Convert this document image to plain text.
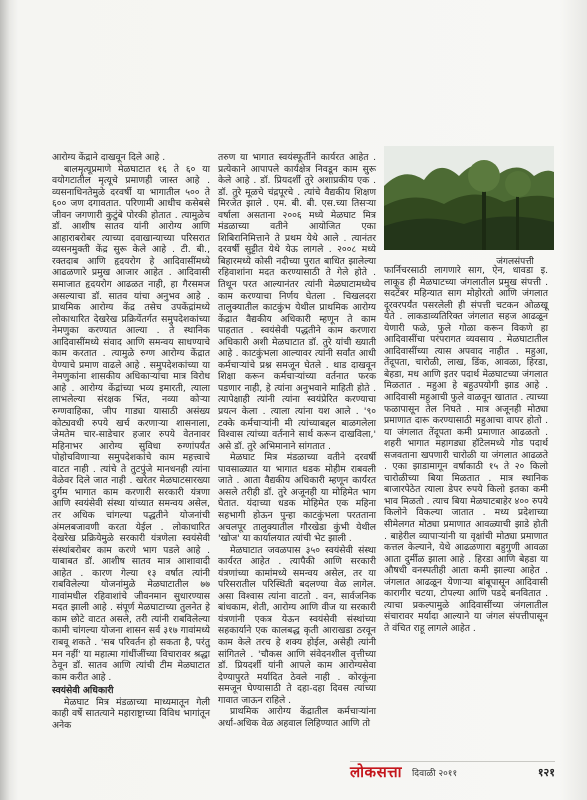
आरोग्य केंद्राने दाखवून दिले आहे .

बालमृत्यूप्रमाणे मेळघाटात १६ ते ६० या वयोगटातील मृत्यूचे प्रमाणही जास्त आहे . व्यसनाधिनतेमुळे दरवर्षी या भागातील ५०० ते ६०० जण दगावतात. परिणामी आधीच कसेबसे जीवन जगणारी कुटुंबे पोरकी होतात . त्यामुळेच डॉ. आशीष सातव यांनी आरोग्य आणि आहाराबरोबर त्याच्या दवाखान्याच्या परिसरात व्यसनमुक्ती केंद्र सुरू केले आहे . टी. बी., रक्तदाब आणि हृदयरोग हे आदिवासींमध्ये आढळणारे प्रमुख आजार आहेत . आदिवासी समाजात हृदयरोग आढळत नाही, हा गैरसमज असल्याचा डॉ. सातव यांचा अनुभव आहे . प्राथमिक आरोग्य केंद्र तसेच उपकेंद्रांमध्ये लोकाधारित देखरेख प्रक्रियेंतर्गत समुपदेशकांच्या नेमणुका करण्यात आल्या . ते स्थानिक आदिवासींमध्ये संवाद आणि समन्वय साधण्याचे काम करतात . त्यामुळे रुग्ण आरोग्य केंद्रात येण्याचे प्रमाण वाढले आहे . समुपदेशकांच्या या नेमणुकांना शासकीय अधिकाऱ्यांचा मात्र विरोध आहे . आरोग्य केंद्रांच्या भव्य इमारती, त्याला लाभलेल्या संरक्षक भिंत, नव्या कोऱ्या रुग्णवाहिका, जीप गाड्या यासाठी असंख्य कोट्यवधी रुपये खर्च करणाऱ्या शासनाला, जेमतेम चार-साडेचार हजार रुपये वेतनावर महिनाभर आरोग्य सुविधा रुग्णांपर्यंत पोहोचविणाऱ्या समुपदेशकांचे काम महत्त्वाचे वाटत नाही . त्यांचे ते तुटपुंजे मानधनही त्यांना वेळेवर दिले जात नाही . खरेतर मेळघाटसारख्या दुर्गम भागात काम करणारी सरकारी यंत्रणा आणि स्वयंसेवी संस्था यांच्यात समन्वय असेल, तर अधिक चांगल्या पद्धतीने योजनांची अंमलबजावणी करता येईल . लोकाधारित देखरेख प्रक्रियेमुळे सरकारी यंत्रणेला स्वयंसेवी संस्थांबरोबर काम करणे भाग पडले आहे . याबाबत डॉ. आशीष सातव मात्र आशावादी आहेत . कारण गेल्या १३ वर्षात त्यांनी राबविलेल्या योजनांमुळे मेळघाटातील ७७ गावांमधील रहिवाशांचे जीवनमान सुधारण्यास मदत झाली आहे . संपूर्ण मेळघाटाच्या तुलनेत हे काम छोटे वाटत असले, तरी त्यांनी राबविलेल्या कामी चांगल्या योजना शासन सर्व ३१७ गावांमध्ये राबवू शकते . 'सब परिवर्तन हो सकता है, परंतु मन नहीं' या महात्मा गांधींजींच्या विचारावर श्रद्धा ठेवून डॉ. सातव आणि त्यांची टीम मेळघाटात काम करीत आहे .

स्वयंसेवी अधिकारी

मेळघाट मित्र मंडळाच्या माध्यमातून गेली काही वर्षे सातत्याने महाराष्ट्राच्या विविध भागांतून अनेक

तरुण या भागात स्वयंस्फूर्तीने कार्यरत आहेत . प्रत्येकाने आपापले कार्यक्षेत्र निवडून काम सुरू केले आहे . डॉ. प्रियदर्शी तुरे अशाप्रकीय एक . डॉ. तुरे मूळचे चंद्रपूरचे . त्यांचे वैद्यकीय शिक्षण मिरजेत झाले . एम. बी. बी. एस.च्या तिसऱ्या वर्षाला असताना २००६ मध्ये मेळघाट मित्र मंडळाच्या वतीने आयोजित एका शिबिरानिमित्ताने ते प्रथम येथे आले . त्यानंतर दरवर्षी सुट्टीत येथे येऊ लागले . २००८ मध्ये बिहारमध्ये कोसी नदीच्या पुरात बाधित झालेल्या रहिवाशांना मदत करण्यासाठी ते गेले होते . तिथून परत आल्यानंतर त्यांनी मेळघाटामध्येच काम करण्याचा निर्णय घेतला . चिखलदरा तालुक्यातील काटकुंभ येथील प्राथमिक आरोग्य केंद्रात वैद्यकीय अधिकारी म्हणून ते काम पाहतात . स्वयंसेवी पद्धतीने काम करणारा अधिकारी अशी मेळघाटात डॉ. तुरे यांची ख्याती आहे . काटकुंभला आल्यावर त्यांनी सर्वांत आधी कर्मचाऱ्यांचे प्रश्न समजून घेतले . थाड दाखवून शिक्षा करून कर्मचाऱ्यांच्या वर्तनात फरक पडणार नाही, हे त्यांना अनुभवाने माहिती होते . त्यापेक्षाही त्यांनी त्यांना स्वयंप्रेरित करण्याचा प्रयत्न केला . त्याला त्यांना यश आले . '९० टक्के कर्मचाऱ्यांनी मी त्यांच्याबद्दल बाळगलेला विश्वास त्यांच्या वर्तनाने सार्थ करून दाखविला,' असे डॉ. तुरे अभिमानाने सांगतात .

मेळघाट मित्र मंडळाच्या वतीने दरवर्षी पावसाळ्यात या भागात धडक मोहीम राबवली जाते . आता वैद्यकीय अधिकारी म्हणून कार्यरत असले तरीही डॉ. तुरे अजूनही या मोहिमेत भाग घेतात. यंदाच्या धडक मोहिमेत एक महिना सहभागी होऊन पुन्हा काटकुंभला परतताना अचलपूर तालुक्यातील गौरखेडा कुंभी येथील 'खोज' या कार्यालयात त्यांची भेट झाली .

मेळघाटात जवळपास ३५० स्वयंसेवी संस्था कार्यरत आहेत . त्यापैकी आणि सरकारी यंत्रणांच्या कामांमध्ये समन्वय असेल, तर या परिसरातील परिस्थिती बदलण्या वेळ लागेल. असा विश्वास त्यांना वाटतो . वन, सार्वजनिक बांधकाम, शेती, आरोग्य आणि वीज या सरकारी यंत्रणांनी एकत्र येऊन स्वयंसेवी संस्थांच्या सहकार्याने एक कालबद्ध कृती आराखडा ठरवून काम केले तरच हे शक्य होईल, असेही त्यांनी सांगितले . 'चौकस आणि संवेदनशील वृत्तीच्या डॉ. प्रियदर्शी यांनी आपले काम आरोग्यसेवा देण्यापुरते मर्यादित ठेवले नाही . कोरकूंना समजून घेण्यासाठी ते दहा-दहा दिवस त्यांच्या गावात जाऊन राहिले .

प्राथमिक आरोग्य केंद्रातील कर्मचाऱ्यांना अर्धा-अधिक वेळ अहवाल लिहिण्यात आणि तो

जंगलसंपत्ती

फार्निचरसाठी लागणारे साग, ऐन, धावडा इ. लाकूड ही मेळघाटच्या जंगलातील प्रमुख संपत्ती . सदटेंबर महिन्यात साग मोहोरतो आणि जंगलात दूरवरपर्यंत पसरलेली ही संपत्ती चटकन ओळखू येते . लाकडाव्यतिरिक्त जंगलात सहज आढळून येणारी फळे, फुले गोळा करून विकणे हा आदिवासींचा परंपरागत व्यवसाय . मेळघाटातील आदिवासींच्या त्यास अपवाद नाहीत . महुआ, तेंदूपता, चारोळी, लाख, डिंक, आवळा, हिरडा, बेहडा, मध आणि इतर पदार्थ मेळघाटच्या जंगलात मिळतात . महुआ हे बहुउपयोगी झाड आहे . आदिवासी महुआची फुले वाळवून खातात . त्याच्या फळापासून तेल निघते . मात्र अजूनही मोठ्या प्रमाणात दारू करण्यासाठी महुआचा वापर होतो . या जंगलात तेंदूपता कमी प्रमाणात आढळतो . शहरी भागात महागड्या हॉटेलमध्ये गोड पदार्थ सजवताना खपणारी चारोळी या जंगलात आढळते . एका झाडामागून वर्षाकाठी १५ ते २० किलो चारोळीच्या बिया मिळतात . मात्र स्थानिक बाजारपेठेत त्याला डेपर रुपये किलो इतका कमी भाव मिळतो . त्याच बिया मेळघाटबाहेर ४०० रुपये किलोने विकल्या जातात . मध्य प्रदेशाच्या सीमेलगत मोठ्या प्रमाणात आवळ्याची झाडे होती . बाहेरील व्यापाऱ्यांनी या वृक्षांची मोठ्या प्रमाणात कत्तल केल्याने, येथे आढळणारा बहुगुणी आवळा आता दुर्मीळ झाला आहे . हिरडा आणि बेहडा या औषधी वनस्पतीही आता कमी झाल्या आहेत . जंगलात आढळून येणाऱ्या बांबूपासून आदिवासी कारागीर चटया, टोपल्या आणि पडदे बनवितात . त्याचा प्रकल्पामुळे आदिवासींच्या जंगलातील संचारावर मर्यादा आल्याने या जंगल संपत्तीपासून ते वंचित राहू लागले आहेत .

लोकसत्ता दिवाळी २०११	१२१
